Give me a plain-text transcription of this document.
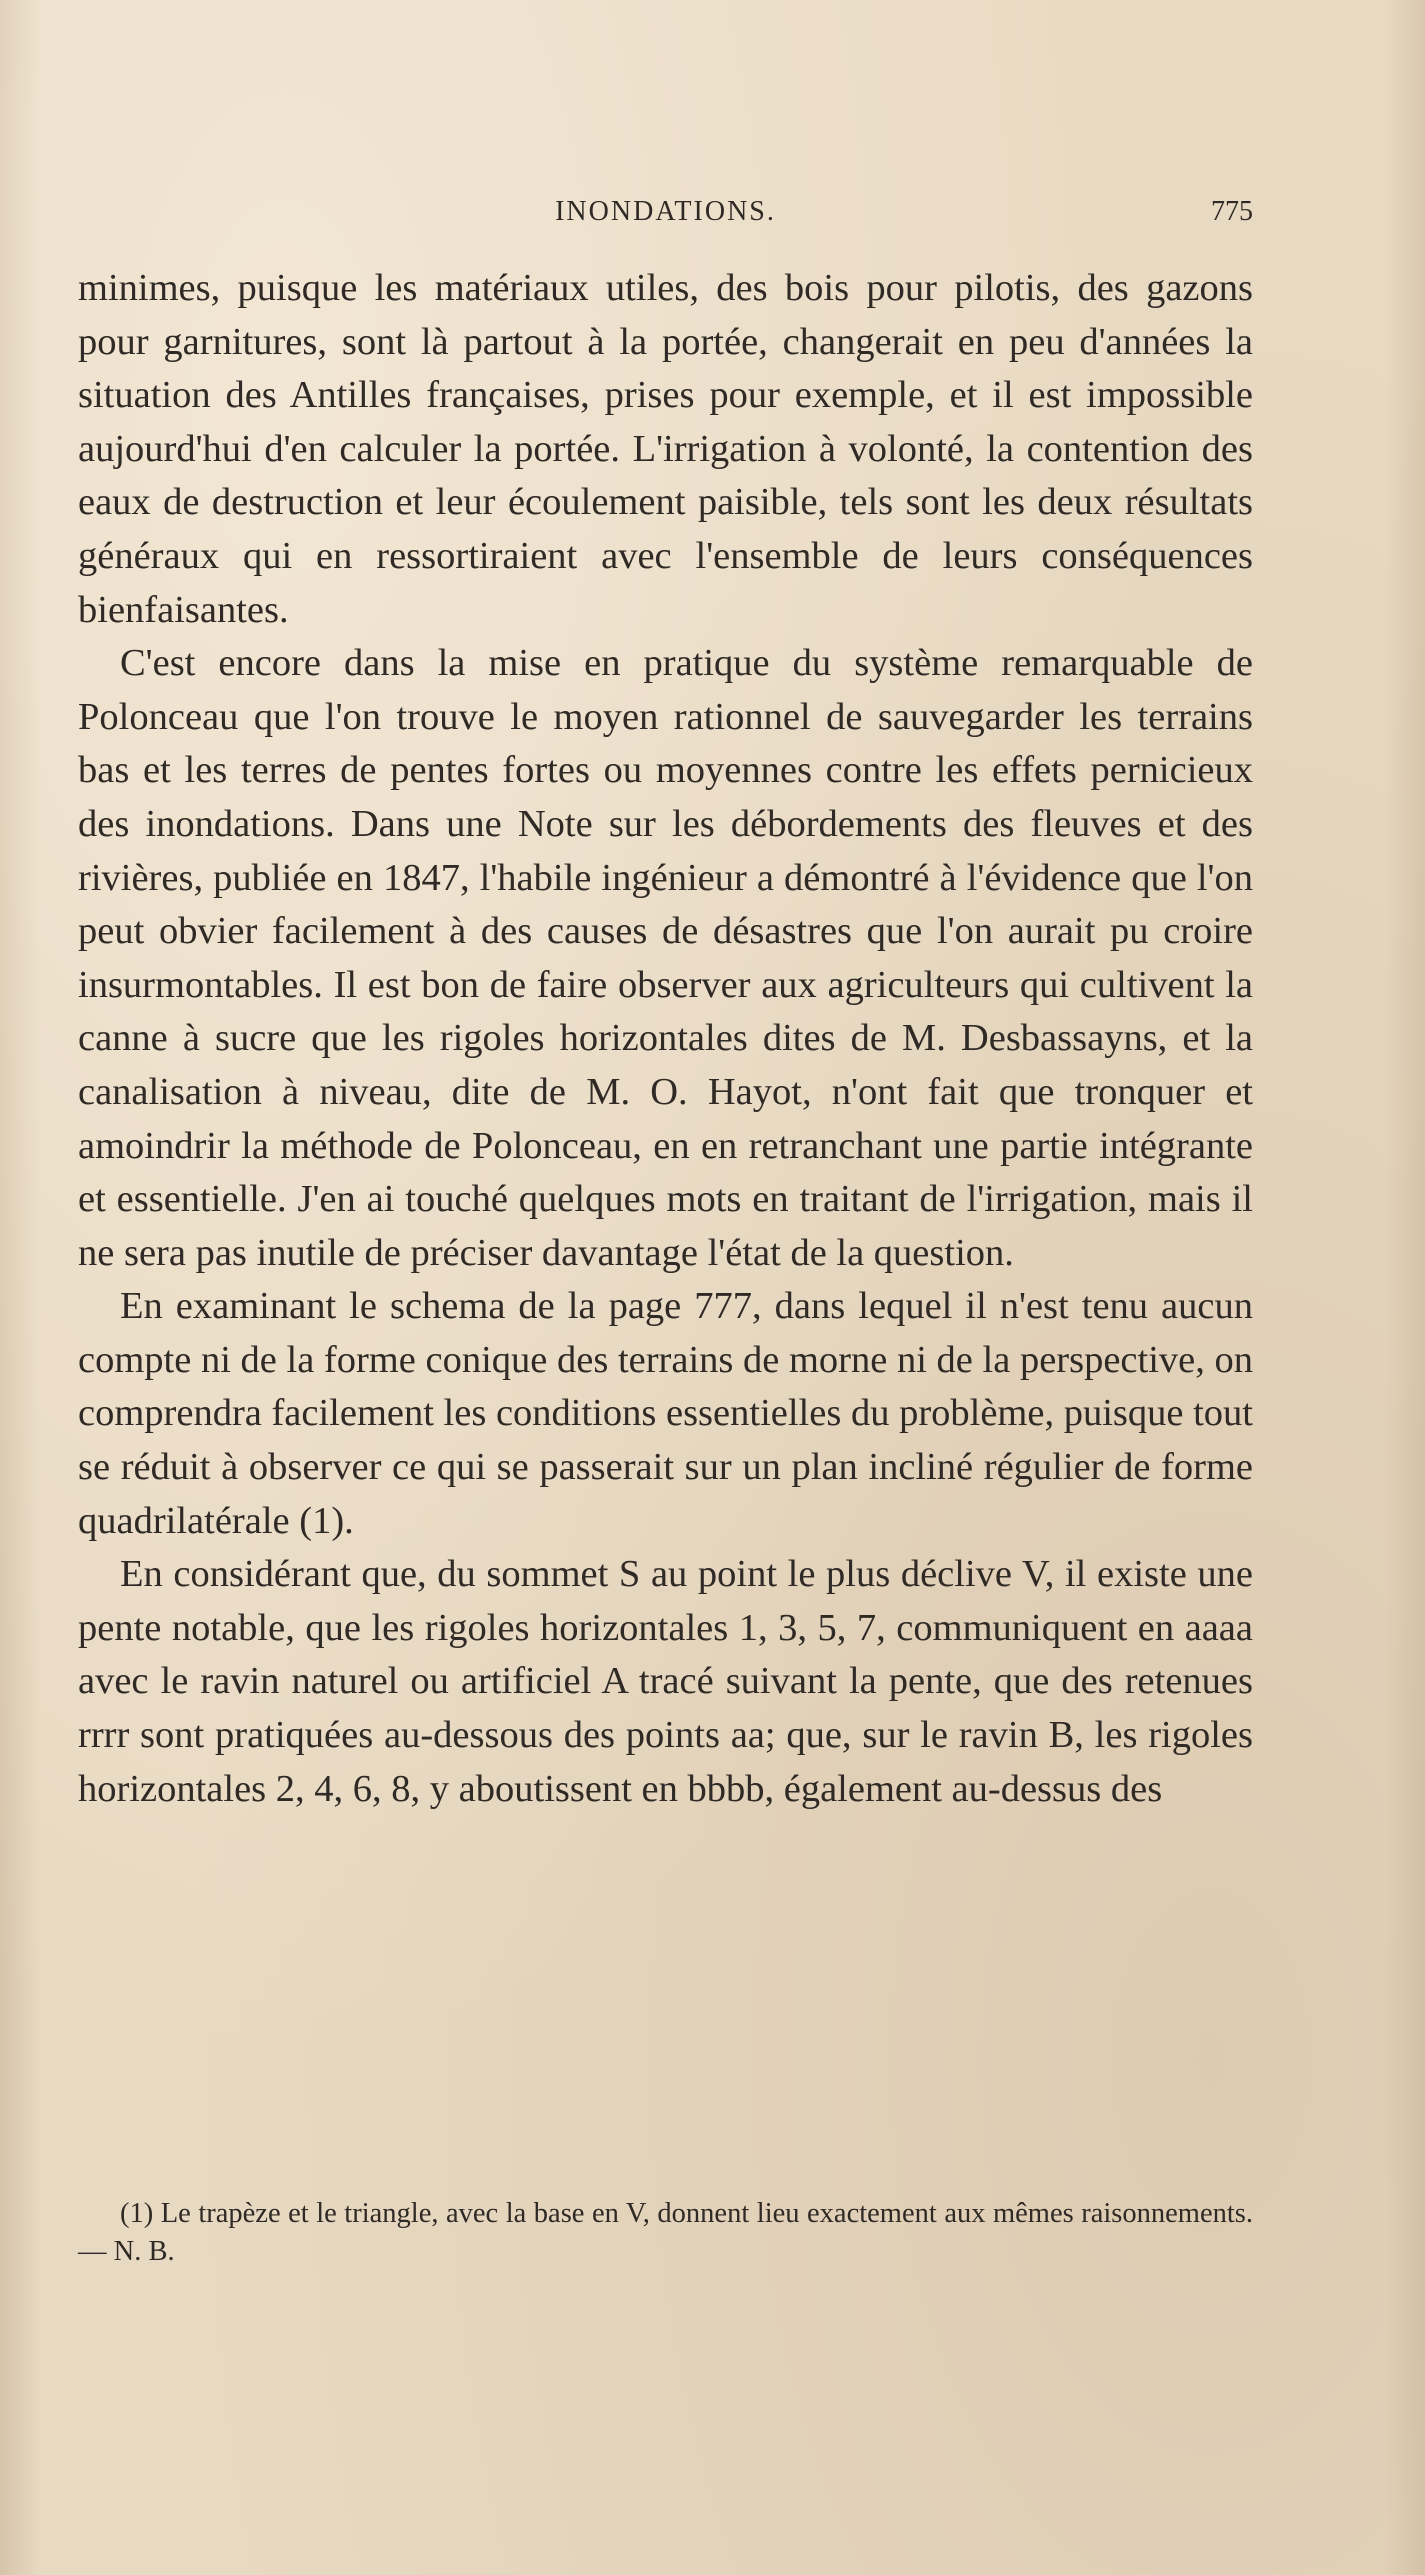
INONDATIONS.	775

minimes, puisque les matériaux utiles, des bois pour pilotis, des gazons pour garnitures, sont là partout à la portée, changerait en peu d'années la situation des Antilles françaises, prises pour exemple, et il est impossible aujourd'hui d'en calculer la portée. L'irrigation à volonté, la contention des eaux de destruction et leur écoulement paisible, tels sont les deux résultats généraux qui en ressortiraient avec l'ensemble de leurs conséquences bienfaisantes.

C'est encore dans la mise en pratique du système remarquable de Polonceau que l'on trouve le moyen rationnel de sauvegarder les terrains bas et les terres de pentes fortes ou moyennes contre les effets pernicieux des inondations. Dans une Note sur les débordements des fleuves et des rivières, publiée en 1847, l'habile ingénieur a démontré à l'évidence que l'on peut obvier facilement à des causes de désastres que l'on aurait pu croire insurmontables. Il est bon de faire observer aux agriculteurs qui cultivent la canne à sucre que les rigoles horizontales dites de M. Desbassayns, et la canalisation à niveau, dite de M. O. Hayot, n'ont fait que tronquer et amoindrir la méthode de Polonceau, en en retranchant une partie intégrante et essentielle. J'en ai touché quelques mots en traitant de l'irrigation, mais il ne sera pas inutile de préciser davantage l'état de la question.

En examinant le schema de la page 777, dans lequel il n'est tenu aucun compte ni de la forme conique des terrains de morne ni de la perspective, on comprendra facilement les conditions essentielles du problème, puisque tout se réduit à observer ce qui se passerait sur un plan incliné régulier de forme quadrilatérale (1).

En considérant que, du sommet S au point le plus déclive V, il existe une pente notable, que les rigoles horizontales 1, 3, 5, 7, communiquent en aaaa avec le ravin naturel ou artificiel A tracé suivant la pente, que des retenues rrrr sont pratiquées au-dessous des points aa; que, sur le ravin B, les rigoles horizontales 2, 4, 6, 8, y aboutissent en bbbb, également au-dessus des

(1) Le trapèze et le triangle, avec la base en V, donnent lieu exactement aux mêmes raisonnements. — N. B.
